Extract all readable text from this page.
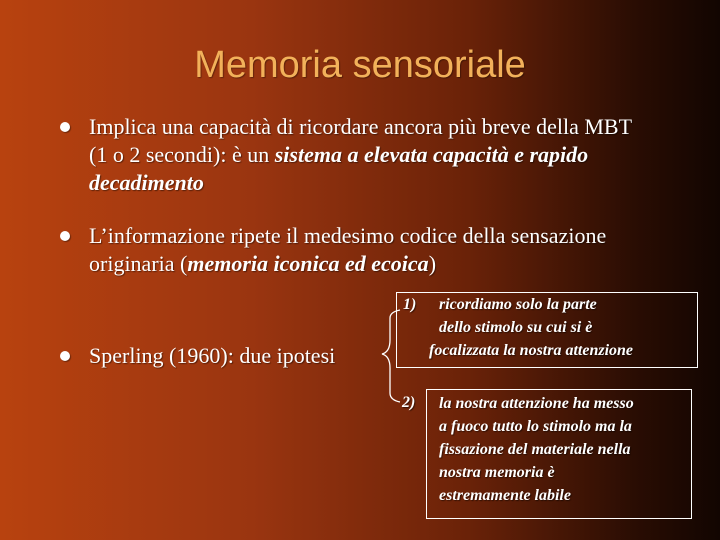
Memoria sensoriale
Implica una capacità di ricordare ancora più breve della MBT (1 o 2 secondi): è un sistema a elevata capacità e rapido decadimento
L’informazione ripete il medesimo codice della sensazione originaria (memoria iconica ed ecoica)
Sperling (1960): due ipotesi
1) ricordiamo solo la parte
dello stimolo su cui si è
focalizzata la nostra attenzione
la nostra attenzione ha messo
a fuoco tutto lo stimolo ma la
fissazione del materiale nella
nostra memoria è
estremamente labile
2)
